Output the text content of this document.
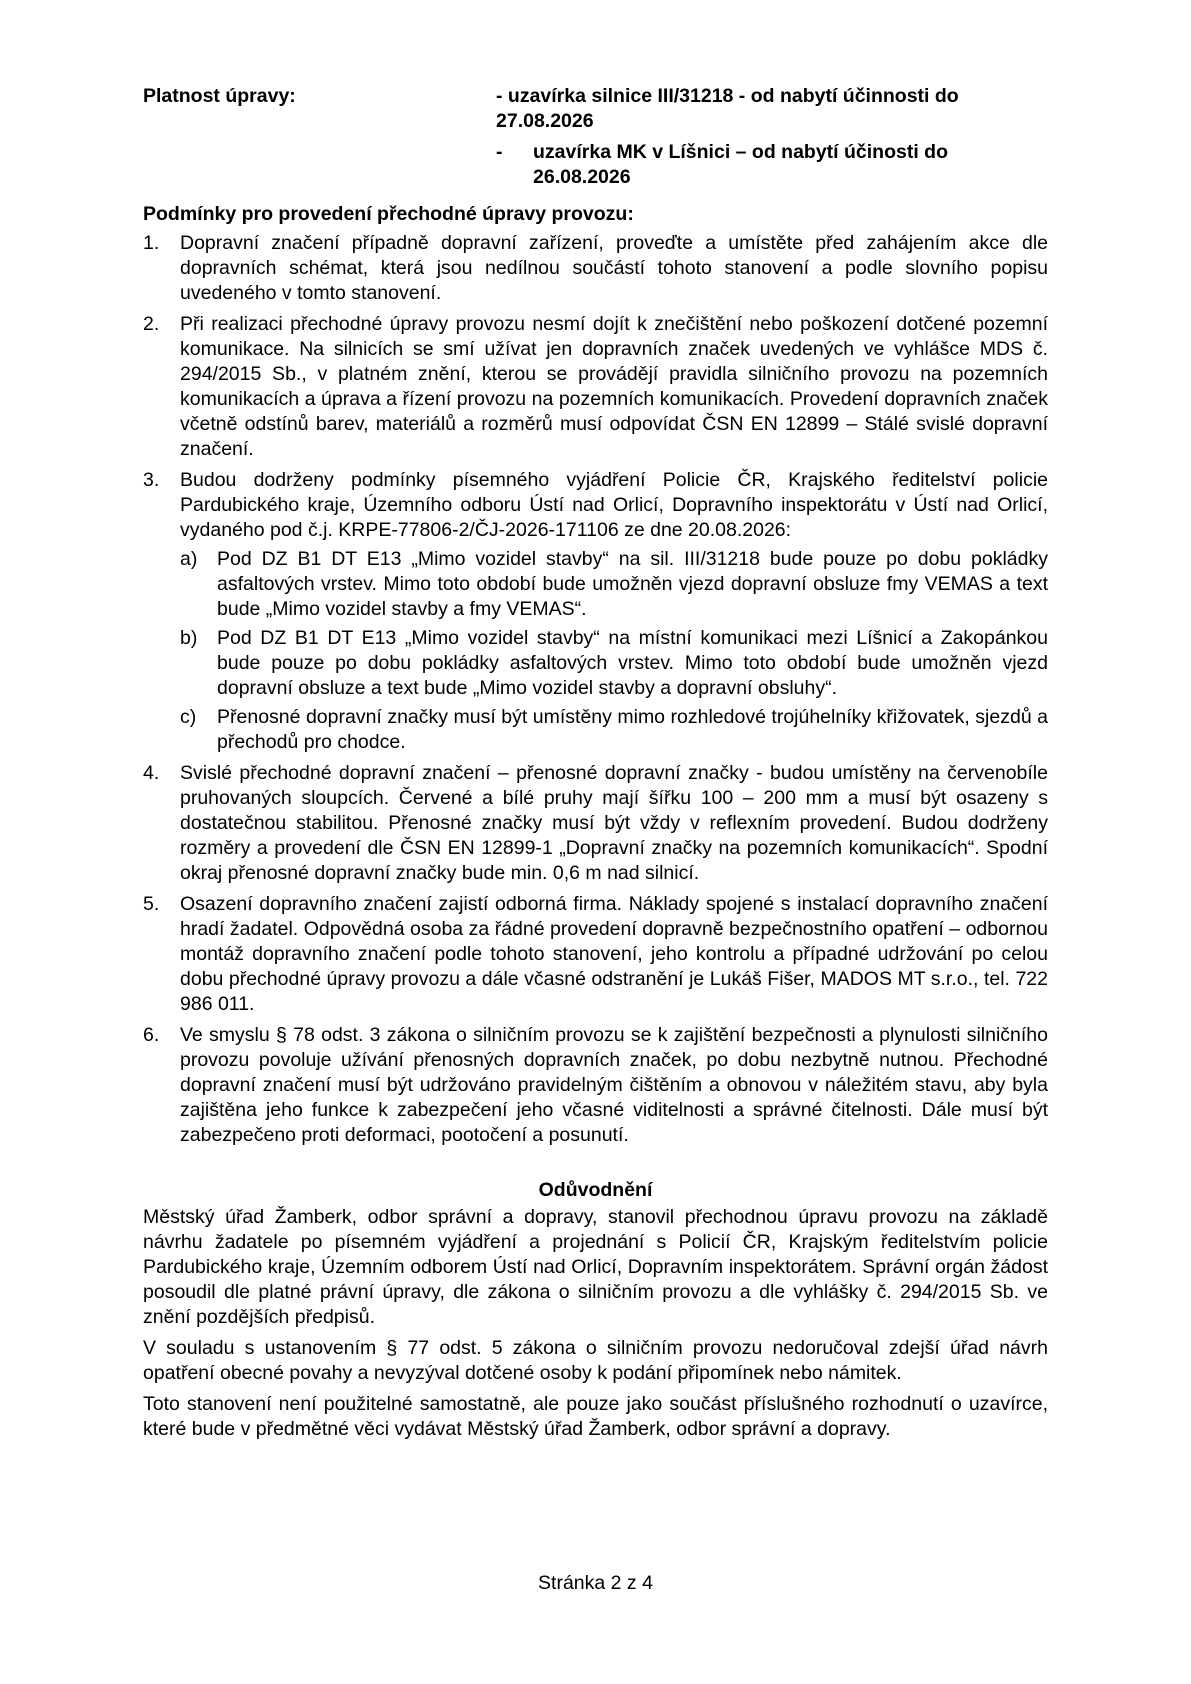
Platnost úpravy:	- uzavírka silnice III/31218 - od nabytí účinnosti do 27.08.2026
-	uzavírka MK v Líšnici – od nabytí účinosti do 26.08.2026
Podmínky pro provedení přechodné úpravy provozu:
1.	Dopravní značení případně dopravní zařízení, proveďte a umístěte před zahájením akce dle dopravních schémat, která jsou nedílnou součástí tohoto stanovení a podle slovního popisu uvedeného v tomto stanovení.

2.	Při realizaci přechodné úpravy provozu nesmí dojít k znečištění nebo poškození dotčené pozemní komunikace. Na silnicích se smí užívat jen dopravních značek uvedených ve vyhlášce MDS č. 294/2015 Sb., v platném znění, kterou se provádějí pravidla silničního provozu na pozemních komunikacích a úprava a řízení provozu na pozemních komunikacích. Provedení dopravních značek včetně odstínů barev, materiálů a rozměrů musí odpovídat ČSN EN 12899 – Stálé svislé dopravní značení.

3.	Budou dodrženy podmínky písemného vyjádření Policie ČR, Krajského ředitelství policie Pardubického kraje, Územního odboru Ústí nad Orlicí, Dopravního inspektorátu v Ústí nad Orlicí, vydaného pod č.j. KRPE-77806-2/ČJ-2026-171106 ze dne 20.08.2026:

a)	Pod DZ B1 DT E13 „Mimo vozidel stavby“ na sil. III/31218 bude pouze po dobu pokládky asfaltových vrstev. Mimo toto období bude umožněn vjezd dopravní obsluze fmy VEMAS a text bude „Mimo vozidel stavby a fmy VEMAS“.
b)	Pod DZ B1 DT E13 „Mimo vozidel stavby“ na místní komunikaci mezi Líšnicí a Zakopánkou bude pouze po dobu pokládky asfaltových vrstev. Mimo toto období bude umožněn vjezd dopravní obsluze a text bude „Mimo vozidel stavby a dopravní obsluhy“.
c)	Přenosné dopravní značky musí být umístěny mimo rozhledové trojúhelníky křižovatek, sjezdů a přechodů pro chodce.
4.	Svislé přechodné dopravní značení – přenosné dopravní značky - budou umístěny na červenobíle pruhovaných sloupcích. Červené a bílé pruhy mají šířku 100 – 200 mm a musí být osazeny s dostatečnou stabilitou. Přenosné značky musí být vždy v reflexním provedení. Budou dodrženy rozměry a provedení dle ČSN EN 12899-1 „Dopravní značky na pozemních komunikacích“. Spodní okraj přenosné dopravní značky bude min. 0,6 m nad silnicí.

5.	Osazení dopravního značení zajistí odborná firma. Náklady spojené s instalací dopravního značení hradí žadatel. Odpovědná osoba za řádné provedení dopravně bezpečnostního opatření – odbornou montáž dopravního značení podle tohoto stanovení, jeho kontrolu a případné udržování po celou dobu přechodné úpravy provozu a dále včasné odstranění je Lukáš Fišer, MADOS MT s.r.o., tel. 722 986 011.

6.	Ve smyslu § 78 odst. 3 zákona o silničním provozu se k zajištění bezpečnosti a plynulosti silničního provozu povoluje užívání přenosných dopravních značek, po dobu nezbytně nutnou. Přechodné dopravní značení musí být udržováno pravidelným čištěním a obnovou v náležitém stavu, aby byla zajištěna jeho funkce k zabezpečení jeho včasné viditelnosti a správné čitelnosti. Dále musí být zabezpečeno proti deformaci, pootočení a posunutí.

Odůvodnění

Městský úřad Žamberk, odbor správní a dopravy, stanovil přechodnou úpravu provozu na základě návrhu žadatele po písemném vyjádření a projednání s Policií ČR, Krajským ředitelstvím policie Pardubického kraje, Územním odborem Ústí nad Orlicí, Dopravním inspektorátem. Správní orgán žádost posoudil dle platné právní úpravy, dle zákona o silničním provozu a dle vyhlášky č. 294/2015 Sb. ve znění pozdějších předpisů.

V souladu s ustanovením § 77 odst. 5 zákona o silničním provozu nedoručoval zdejší úřad návrh opatření obecné povahy a nevyzýval dotčené osoby k podání připomínek nebo námitek.

Toto stanovení není použitelné samostatně, ale pouze jako součást příslušného rozhodnutí o uzavírce, které bude v předmětné věci vydávat Městský úřad Žamberk, odbor správní a dopravy.

Stránka 2 z 4
